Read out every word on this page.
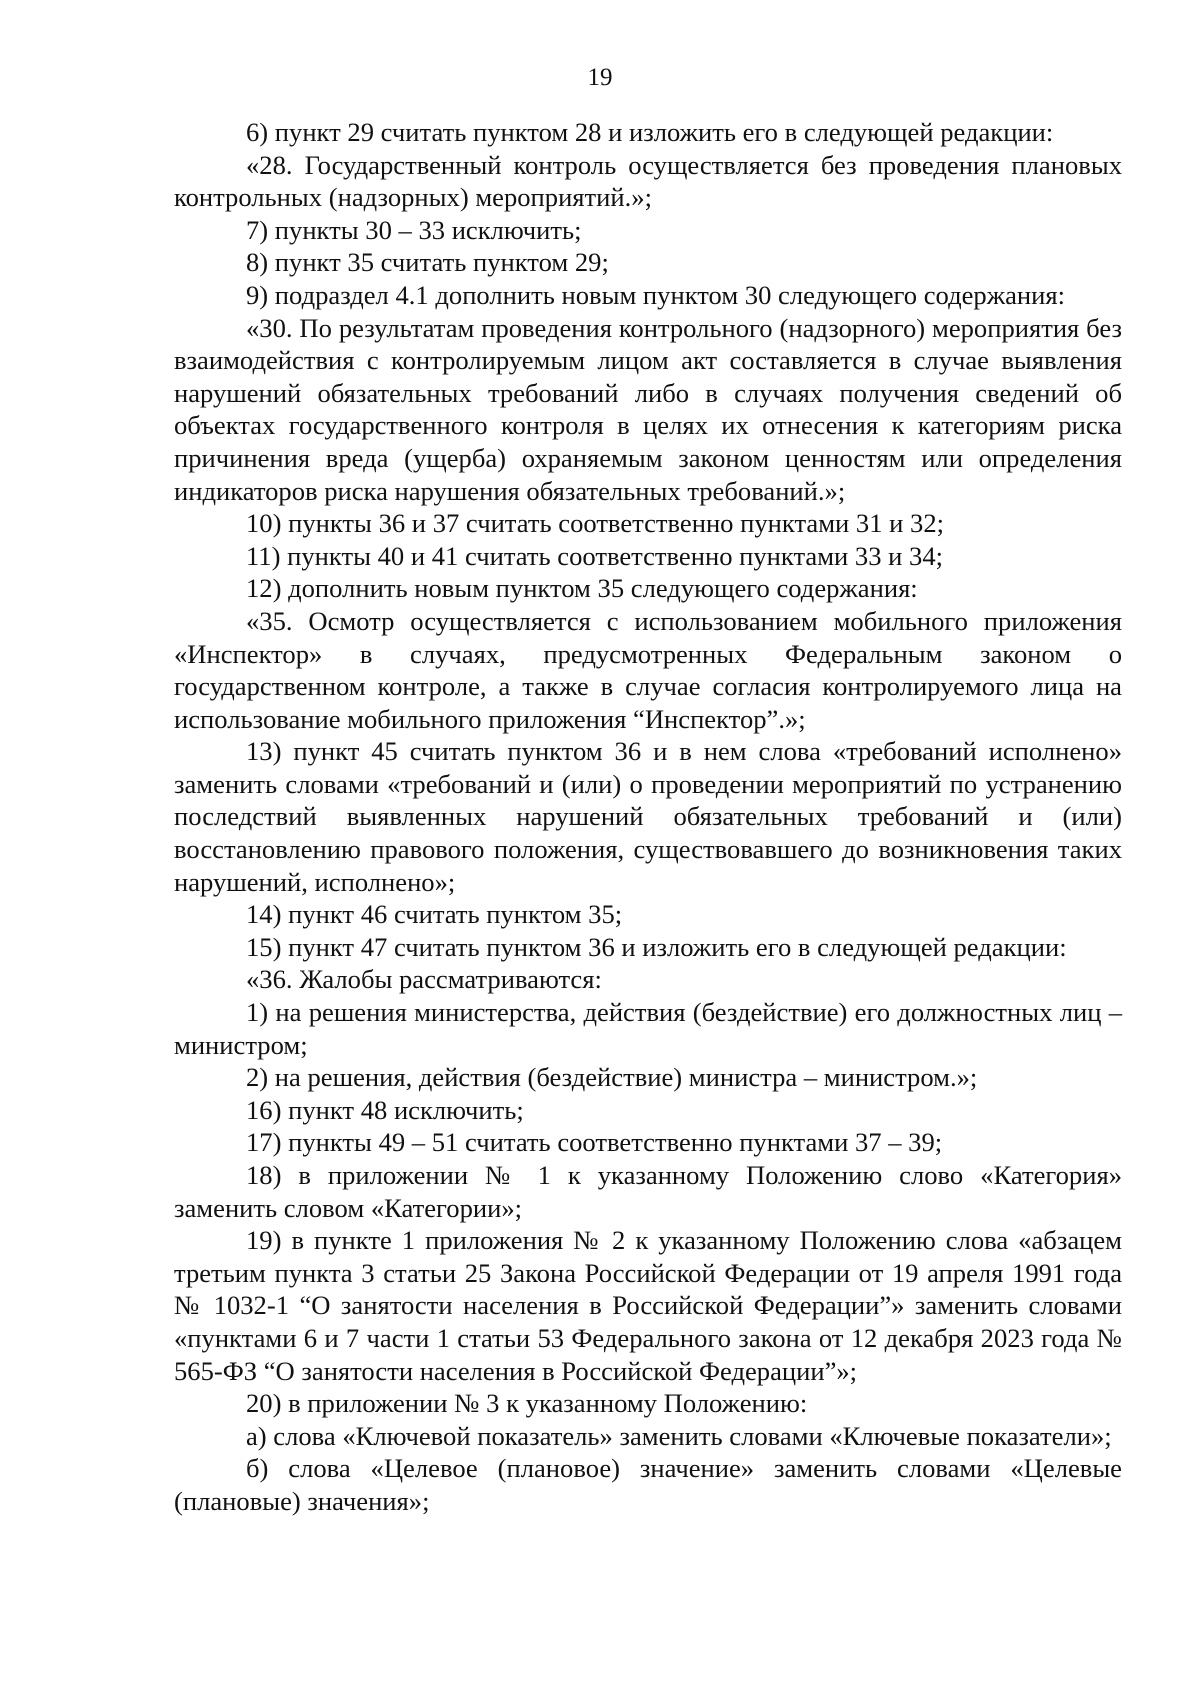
19

6) пункт 29 считать пунктом 28 и изложить его в следующей редакции:

«28. Государственный контроль осуществляется без проведения плановых контрольных (надзорных) мероприятий.»;

7) пункты 30 – 33 исключить;

8) пункт 35 считать пунктом 29;

9) подраздел 4.1 дополнить новым пунктом 30 следующего содержания:

«30. По результатам проведения контрольного (надзорного) мероприятия без взаимодействия с контролируемым лицом акт составляется в случае выявления нарушений обязательных требований либо в случаях получения сведений об объектах государственного контроля в целях их отнесения к категориям риска причинения вреда (ущерба) охраняемым законом ценностям или определения индикаторов риска нарушения обязательных требований.»;

10) пункты 36 и 37 считать соответственно пунктами 31 и 32;

11) пункты 40 и 41 считать соответственно пунктами 33 и 34;

12) дополнить новым пунктом 35 следующего содержания:

«35. Осмотр осуществляется с использованием мобильного приложения «Инспектор» в случаях, предусмотренных Федеральным законом о государственном контроле, а также в случае согласия контролируемого лица на использование мобильного приложения “Инспектор”.»;

13) пункт 45 считать пунктом 36 и в нем слова «требований исполнено» заменить словами «требований и (или) о проведении мероприятий по устранению последствий выявленных нарушений обязательных требований и (или) восстановлению правового положения, существовавшего до возникновения таких нарушений, исполнено»;

14) пункт 46 считать пунктом 35;

15) пункт 47 считать пунктом 36 и изложить его в следующей редакции:

«36. Жалобы рассматриваются:

1) на решения министерства, действия (бездействие) его должностных лиц – министром;

2) на решения, действия (бездействие) министра – министром.»;

16) пункт 48 исключить;

17) пункты 49 – 51 считать соответственно пунктами 37 – 39;

18) в приложении № 1 к указанному Положению слово «Категория» заменить словом «Категории»;

19) в пункте 1 приложения № 2 к указанному Положению слова «абзацем третьим пункта 3 статьи 25 Закона Российской Федерации от 19 апреля 1991 года № 1032-1 “О занятости населения в Российской Федерации”» заменить словами «пунктами 6 и 7 части 1 статьи 53 Федерального закона от 12 декабря 2023 года № 565-ФЗ “О занятости населения в Российской Федерации”»;

20) в приложении № 3 к указанному Положению:

а) слова «Ключевой показатель» заменить словами «Ключевые показатели»;

б) слова «Целевое (плановое) значение» заменить словами «Целевые (плановые) значения»;
